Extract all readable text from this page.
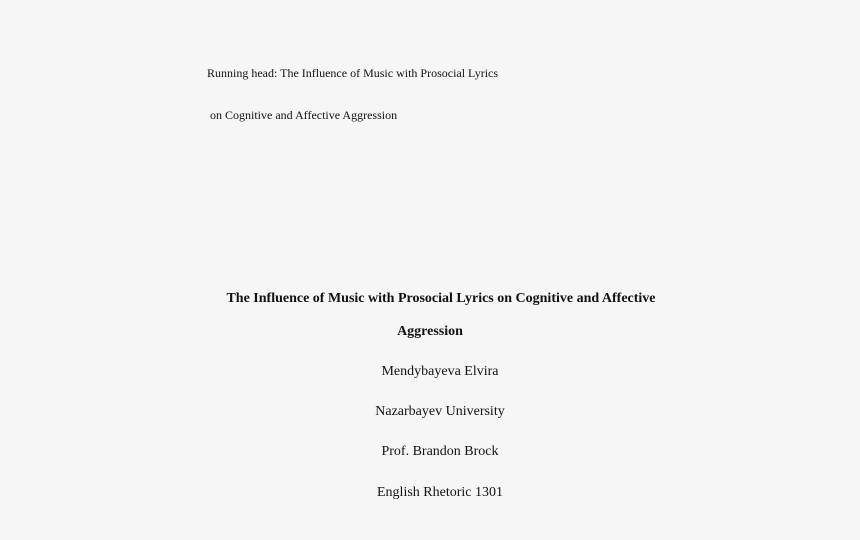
Running head: The Influence of Music with Prosocial Lyrics

on Cognitive and Affective Aggression

The Influence of Music with Prosocial Lyrics on Cognitive and Affective
Aggression
Mendybayeva Elvira
Nazarbayev University
Prof. Brandon Brock
English Rhetoric 1301
